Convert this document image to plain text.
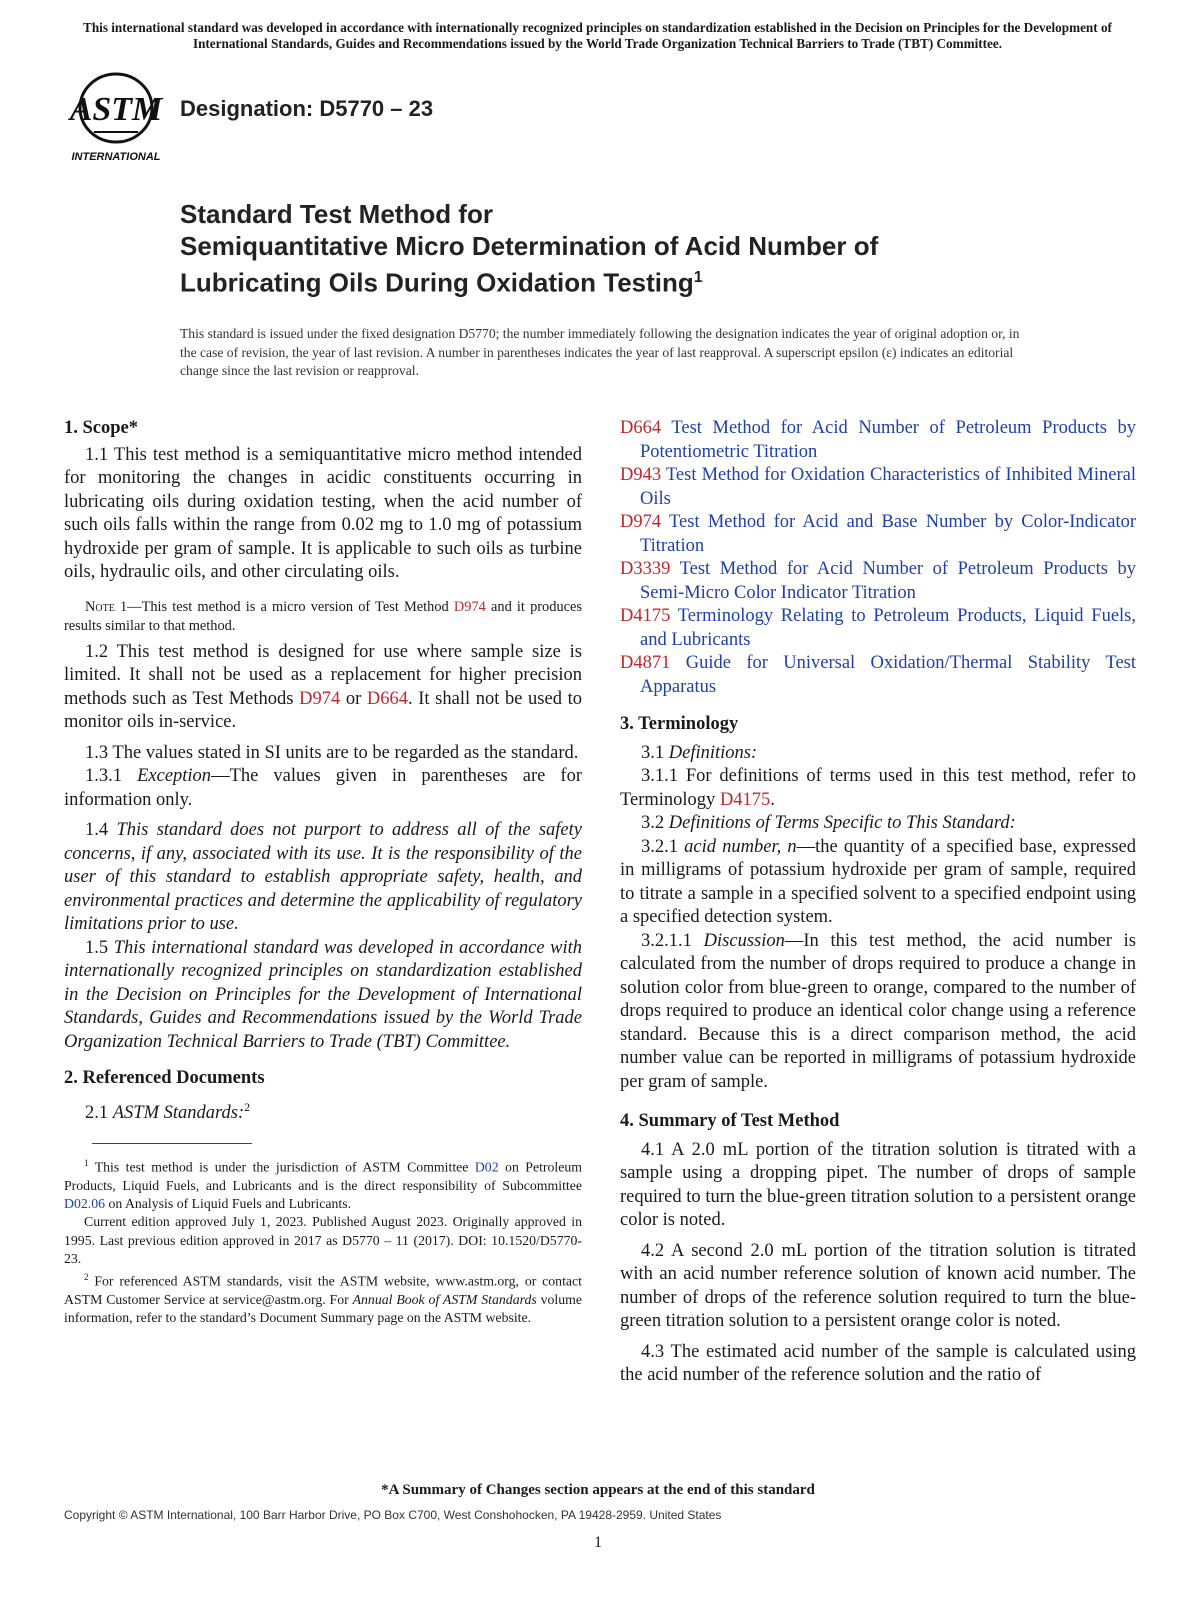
This international standard was developed in accordance with internationally recognized principles on standardization established in the Decision on Principles for the Development of International Standards, Guides and Recommendations issued by the World Trade Organization Technical Barriers to Trade (TBT) Committee.
ASTM
INTERNATIONAL
Designation: D5770 – 23
Standard Test Method for
Semiquantitative Micro Determination of Acid Number of
Lubricating Oils During Oxidation Testing$^1$
This standard is issued under the fixed designation D5770; the number immediately following the designation indicates the year of original adoption or, in the case of revision, the year of last revision. A number in parentheses indicates the year of last reapproval. A superscript epsilon (ε) indicates an editorial change since the last revision or reapproval.
1. Scope*

1.1 This test method is a semiquantitative micro method intended for monitoring the changes in acidic constituents occurring in lubricating oils during oxidation testing, when the acid number of such oils falls within the range from 0.02 mg to 1.0 mg of potassium hydroxide per gram of sample. It is applicable to such oils as turbine oils, hydraulic oils, and other circulating oils.

Note 1—This test method is a micro version of Test Method D974 and it produces results similar to that method.

1.2 This test method is designed for use where sample size is limited. It shall not be used as a replacement for higher precision methods such as Test Methods D974 or D664. It shall not be used to monitor oils in-service.

1.3 The values stated in SI units are to be regarded as the standard.

1.3.1 Exception—The values given in parentheses are for information only.

1.4 This standard does not purport to address all of the safety concerns, if any, associated with its use. It is the responsibility of the user of this standard to establish appropriate safety, health, and environmental practices and determine the applicability of regulatory limitations prior to use.

1.5 This international standard was developed in accordance with internationally recognized principles on standardization established in the Decision on Principles for the Development of International Standards, Guides and Recommendations issued by the World Trade Organization Technical Barriers to Trade (TBT) Committee.

2. Referenced Documents

2.1 ASTM Standards:$^2$

$^1$ This test method is under the jurisdiction of ASTM Committee D02 on Petroleum Products, Liquid Fuels, and Lubricants and is the direct responsibility of Subcommittee D02.06 on Analysis of Liquid Fuels and Lubricants.

Current edition approved July 1, 2023. Published August 2023. Originally approved in 1995. Last previous edition approved in 2017 as D5770 – 11 (2017). DOI: 10.1520/D5770-23.

$^2$ For referenced ASTM standards, visit the ASTM website, www.astm.org, or contact ASTM Customer Service at service@astm.org. For Annual Book of ASTM Standards volume information, refer to the standard’s Document Summary page on the ASTM website.

D664 Test Method for Acid Number of Petroleum Products by Potentiometric Titration

D943 Test Method for Oxidation Characteristics of Inhibited Mineral Oils

D974 Test Method for Acid and Base Number by Color-Indicator Titration

D3339 Test Method for Acid Number of Petroleum Products by Semi-Micro Color Indicator Titration

D4175 Terminology Relating to Petroleum Products, Liquid Fuels, and Lubricants

D4871 Guide for Universal Oxidation/Thermal Stability Test Apparatus

3. Terminology

3.1 Definitions:

3.1.1 For definitions of terms used in this test method, refer to Terminology D4175.

3.2 Definitions of Terms Specific to This Standard:

3.2.1 acid number, n—the quantity of a specified base, expressed in milligrams of potassium hydroxide per gram of sample, required to titrate a sample in a specified solvent to a specified endpoint using a specified detection system.

3.2.1.1 Discussion—In this test method, the acid number is calculated from the number of drops required to produce a change in solution color from blue-green to orange, compared to the number of drops required to produce an identical color change using a reference standard. Because this is a direct comparison method, the acid number value can be reported in milligrams of potassium hydroxide per gram of sample.

4. Summary of Test Method

4.1 A 2.0 mL portion of the titration solution is titrated with a sample using a dropping pipet. The number of drops of sample required to turn the blue-green titration solution to a persistent orange color is noted.

4.2 A second 2.0 mL portion of the titration solution is titrated with an acid number reference solution of known acid number. The number of drops of the reference solution required to turn the blue-green titration solution to a persistent orange color is noted.

4.3 The estimated acid number of the sample is calculated using the acid number of the reference solution and the ratio of

*A Summary of Changes section appears at the end of this standard
Copyright © ASTM International, 100 Barr Harbor Drive, PO Box C700, West Conshohocken, PA 19428-2959. United States
1
